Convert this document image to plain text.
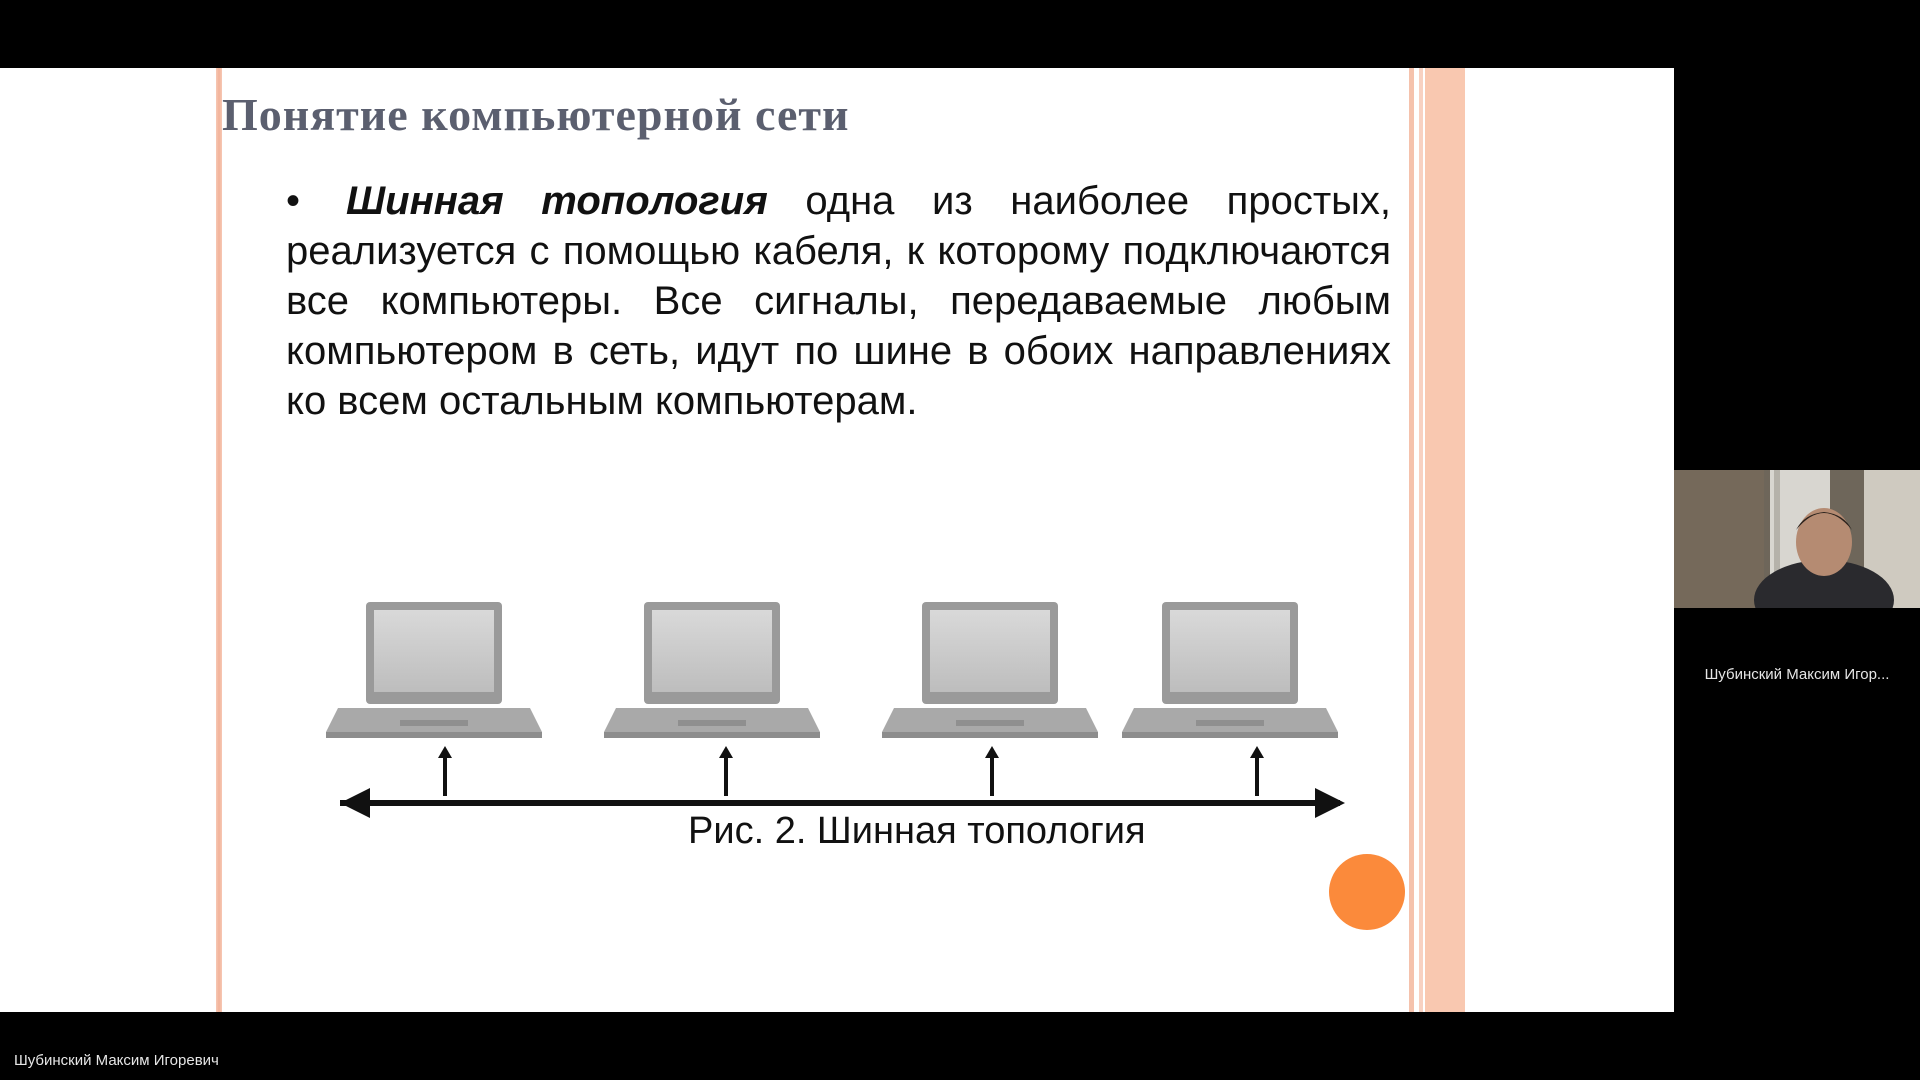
Понятие компьютерной сети
• Шинная топология одна из наиболее простых, реализуется с помощью кабеля, к которому подключаются все компьютеры. Все сигналы, передаваемые любым компьютером в сеть, идут по шине в обоих направлениях ко всем остальным компьютерам.
Рис. 2. Шинная топология
Шубинский Максим Игор...
Шубинский Максим Игоревич
